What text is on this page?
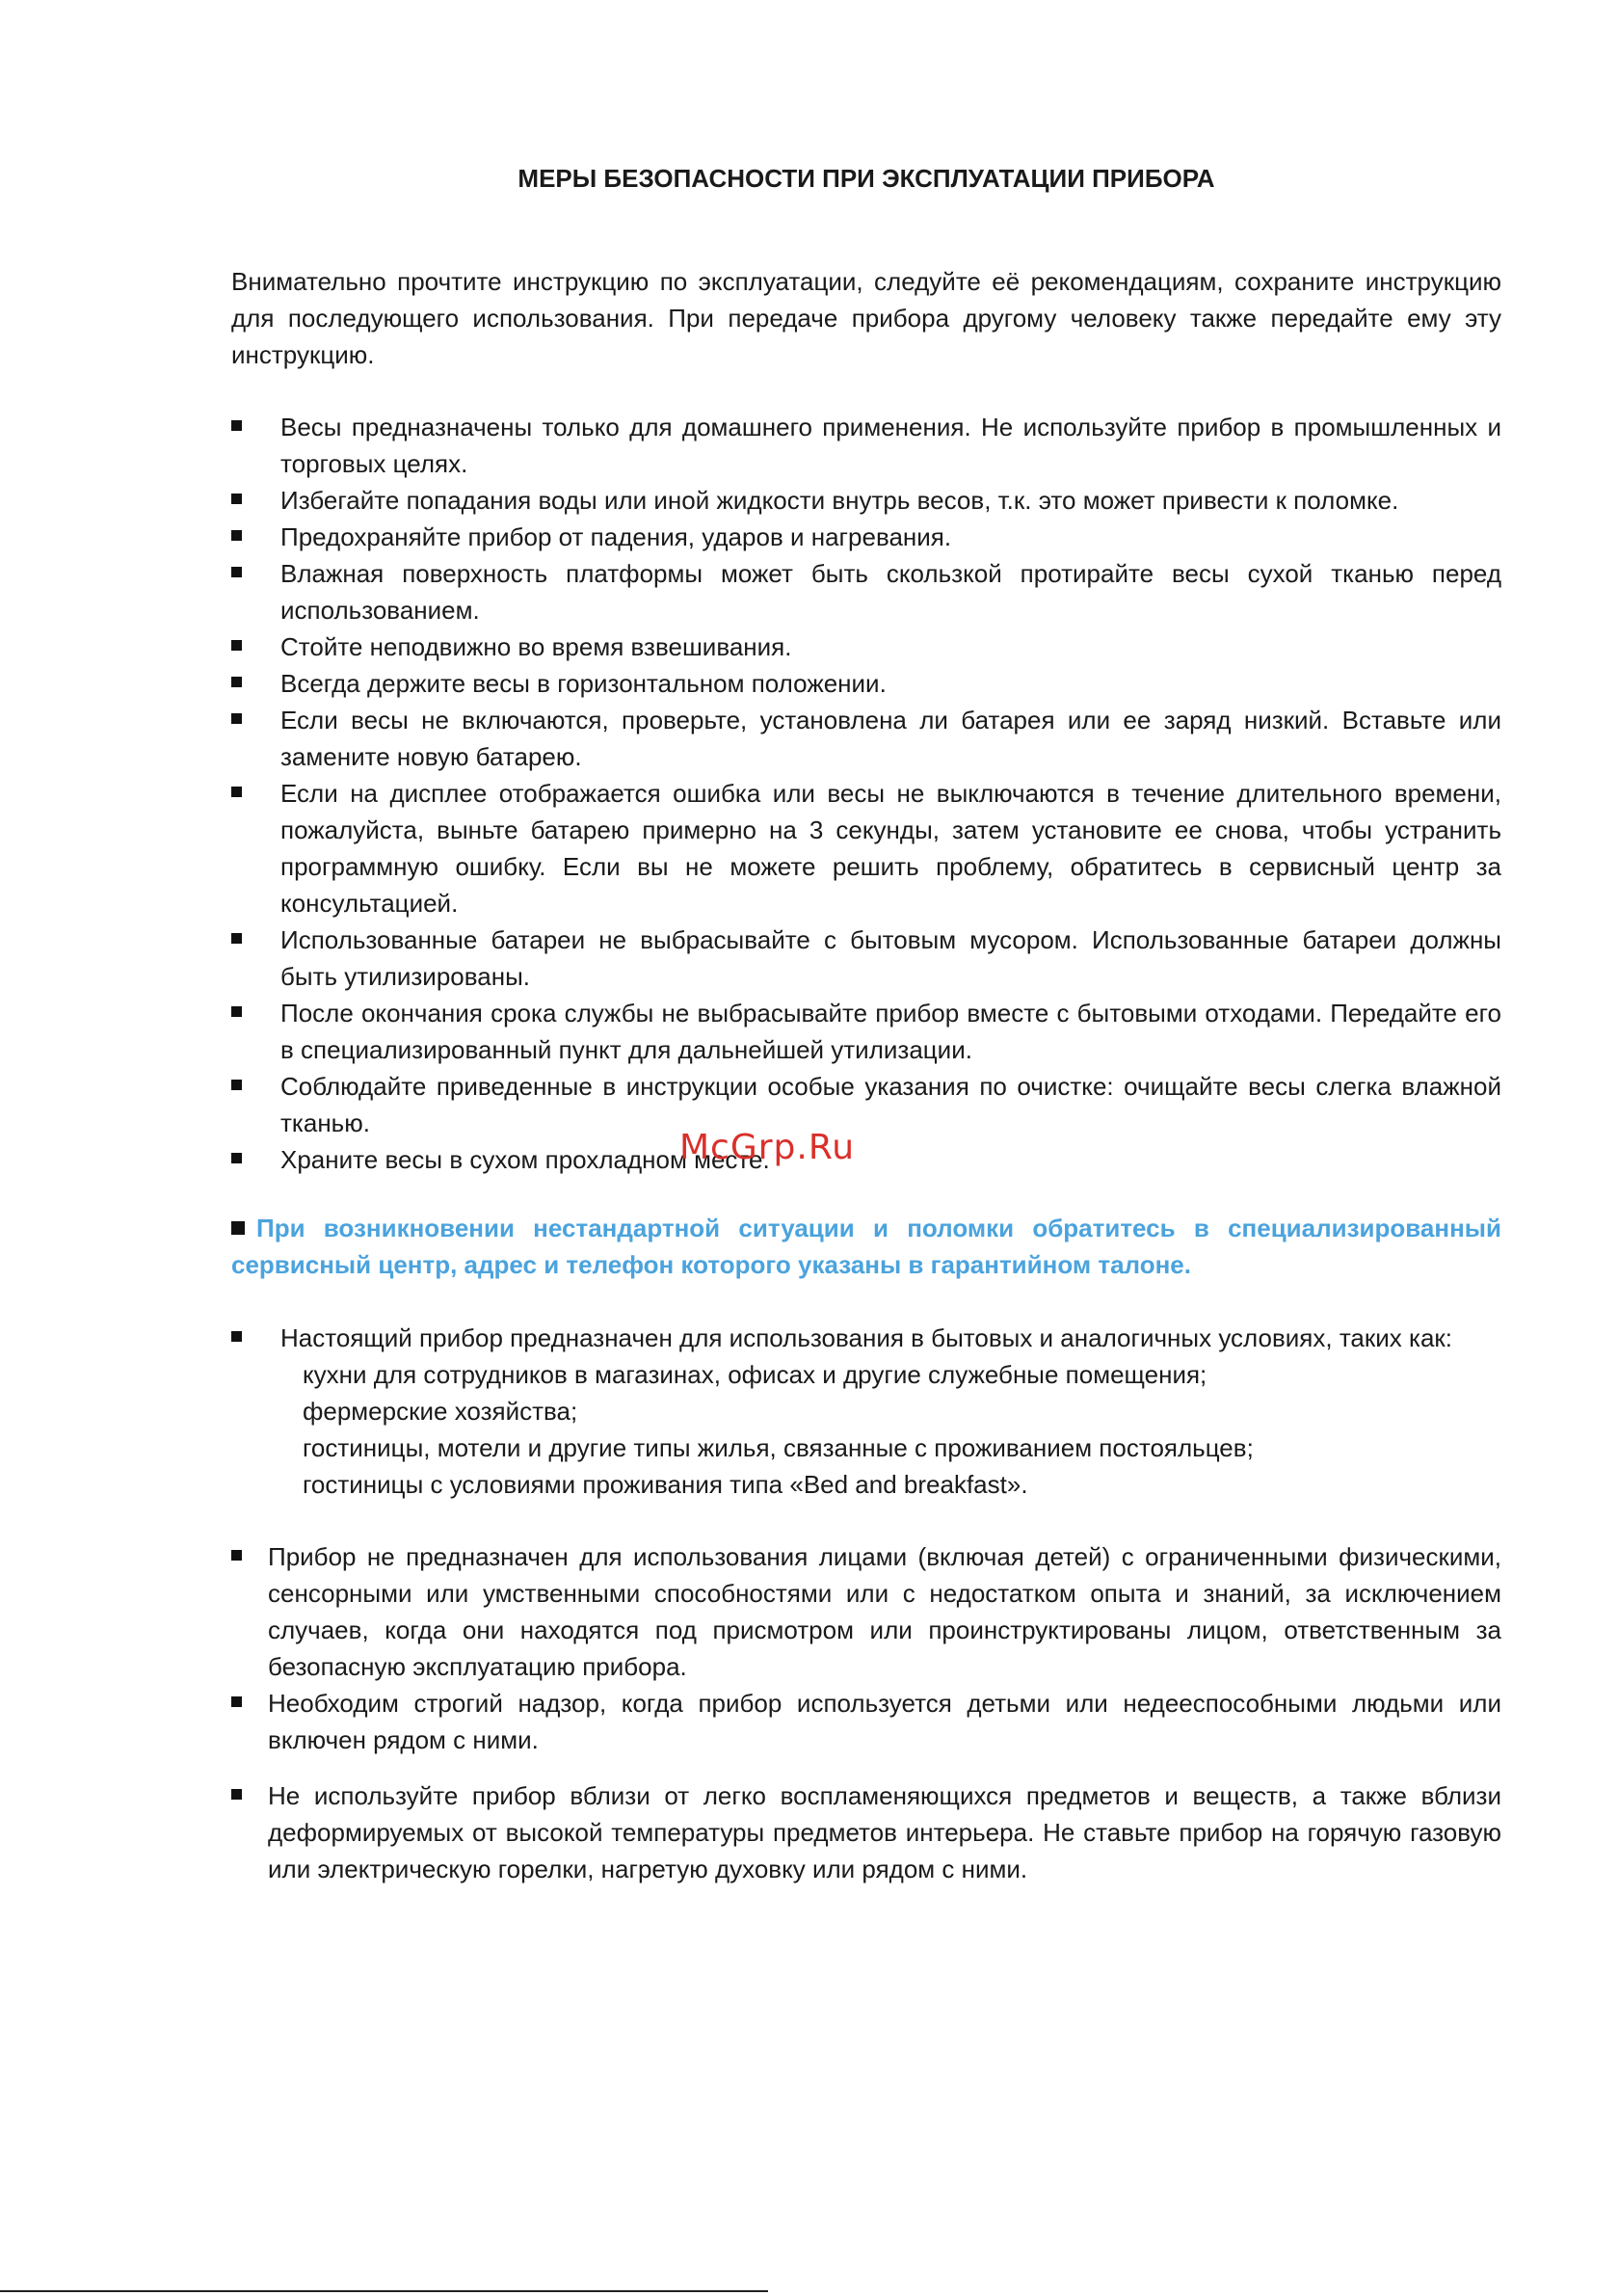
МЕРЫ БЕЗОПАСНОСТИ ПРИ ЭКСПЛУАТАЦИИ ПРИБОРА
Внимательно прочтите инструкцию по эксплуатации, следуйте её рекомендациям, сохраните инструкцию для последующего использования. При передаче прибора другому человеку также передайте ему эту инструкцию.
Весы предназначены только для домашнего применения. Не используйте прибор в промышленных и торговых целях.
Избегайте попадания воды или иной жидкости внутрь весов, т.к. это может привести к поломке.
Предохраняйте прибор от падения, ударов и нагревания.
Влажная поверхность платформы может быть скользкой протирайте весы сухой тканью перед использованием.
Стойте неподвижно во время взвешивания.
Всегда держите весы в горизонтальном положении.
Если весы не включаются, проверьте, установлена ли батарея или ее заряд низкий. Вставьте или замените новую батарею.
Если на дисплее отображается ошибка или весы не выключаются в течение длительного времени, пожалуйста, выньте батарею примерно на 3 секунды, затем установите ее снова, чтобы устранить программную ошибку. Если вы не можете решить проблему, обратитесь в сервисный центр за консультацией.
Использованные батареи не выбрасывайте с бытовым мусором. Использованные батареи должны быть утилизированы.
После окончания срока службы не выбрасывайте прибор вместе с бытовыми отходами. Передайте его в специализированный пункт для дальнейшей утилизации.
Соблюдайте приведенные в инструкции особые указания по очистке: очищайте весы слегка влажной тканью.
Храните весы в сухом прохладном месте.
При возникновении нестандартной ситуации и поломки обратитесь в специализированный сервисный центр, адрес и телефон которого указаны в гарантийном талоне.
Настоящий прибор предназначен для использования в бытовых и аналогичных условиях, таких как:
кухни для сотрудников в магазинах, офисах и другие служебные помещения;
фермерские хозяйства;
гостиницы, мотели и другие типы жилья, связанные с проживанием постояльцев;
гостиницы с условиями проживания типа «Bed and breakfast».
Прибор не предназначен для использования лицами (включая детей) с ограниченными физическими, сенсорными или умственными способностями или с недостатком опыта и знаний, за исключением случаев, когда они находятся под присмотром или проинструктированы лицом, ответственным за безопасную эксплуатацию прибора.
Необходим строгий надзор, когда прибор используется детьми или недееспособными людьми или включен рядом с ними.
Не используйте прибор вблизи от легко воспламеняющихся предметов и веществ, а также вблизи деформируемых от высокой температуры предметов интерьера. Не ставьте прибор на горячую газовую или электрическую горелки, нагретую духовку или рядом с ними.
McGrp.Ru
